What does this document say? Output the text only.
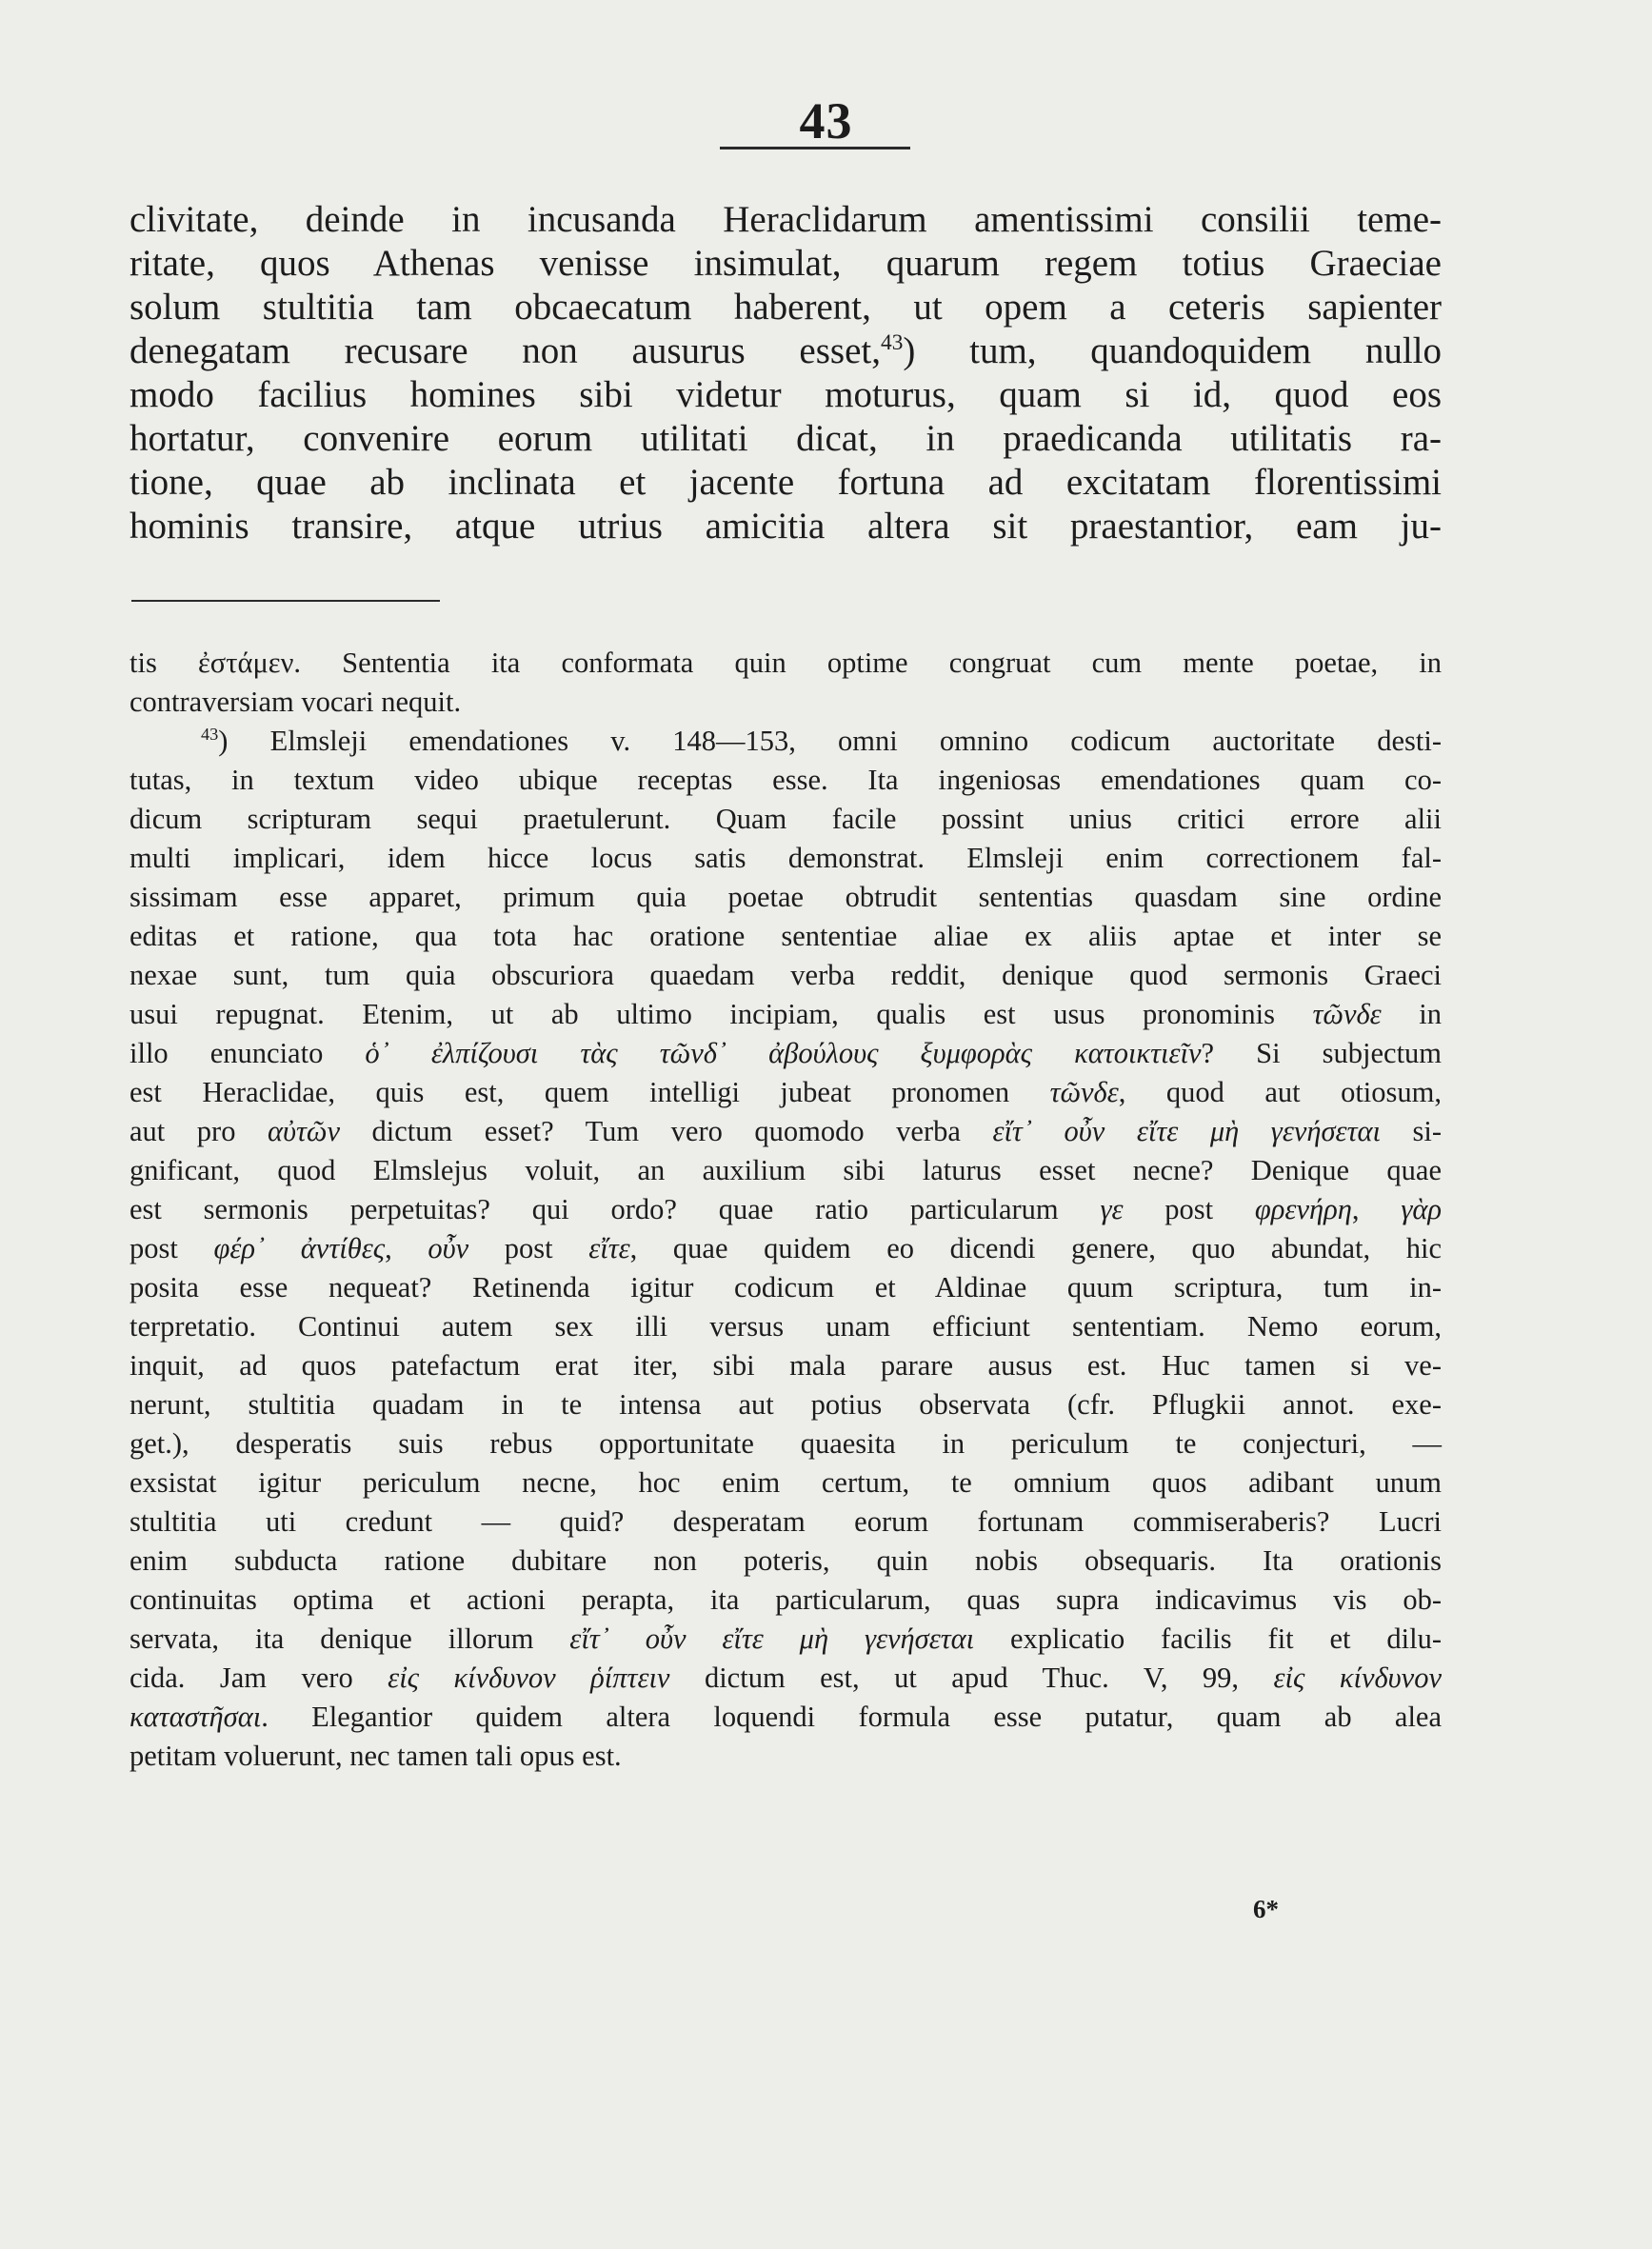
43
clivitate, deinde in incusanda Heraclidarum amentissimi consilii teme-
ritate, quos Athenas venisse insimulat, quarum regem totius Graeciae
solum stultitia tam obcaecatum haberent, ut opem a ceteris sapienter
denegatam recusare non ausurus esset,$^{43}$) tum, quandoquidem nullo
modo facilius homines sibi videtur moturus, quam si id, quod eos
hortatur, convenire eorum utilitati dicat, in praedicanda utilitatis ra-
tione, quae ab inclinata et jacente fortuna ad excitatam florentissimi
hominis transire, atque utrius amicitia altera sit praestantior, eam ju-
tis ἐστάμεν. Sententia ita conformata quin optime congruat cum mente poetae, in
contraversiam vocari nequit.
$^{43}$) Elmsleji emendationes v. 148—153, omni omnino codicum auctoritate desti-
tutas, in textum video ubique receptas esse. Ita ingeniosas emendationes quam co-
dicum scripturam sequi praetulerunt. Quam facile possint unius critici errore alii
multi implicari, idem hicce locus satis demonstrat. Elmsleji enim correctionem fal-
sissimam esse apparet, primum quia poetae obtrudit sententias quasdam sine ordine
editas et ratione, qua tota hac oratione sententiae aliae ex aliis aptae et inter se
nexae sunt, tum quia obscuriora quaedam verba reddit, denique quod sermonis Graeci
usui repugnat. Etenim, ut ab ultimo incipiam, qualis est usus pronominis τῶνδε in
illo enunciato ὁ᾽ ἐλπίζουσι τὰς τῶνδ᾽ ἀβούλους ξυμφορὰς κατοικτιεῖν? Si subjectum
est Heraclidae, quis est, quem intelligi jubeat pronomen τῶνδε, quod aut otiosum,
aut pro αὐτῶν dictum esset? Tum vero quomodo verba εἴτ᾽ οὖν εἴτε μὴ γενήσεται si-
gnificant, quod Elmslejus voluit, an auxilium sibi laturus esset necne? Denique quae
est sermonis perpetuitas? qui ordo? quae ratio particularum γε post φρενήρη, γὰρ
post φέρ᾽ ἀντίθες, οὖν post εἴτε, quae quidem eo dicendi genere, quo abundat, hic
posita esse nequeat? Retinenda igitur codicum et Aldinae quum scriptura, tum in-
terpretatio. Continui autem sex illi versus unam efficiunt sententiam. Nemo eorum,
inquit, ad quos patefactum erat iter, sibi mala parare ausus est. Huc tamen si ve-
nerunt, stultitia quadam in te intensa aut potius observata (cfr. Pflugkii annot. exe-
get.), desperatis suis rebus opportunitate quaesita in periculum te conjecturi, —
exsistat igitur periculum necne, hoc enim certum, te omnium quos adibant unum
stultitia uti credunt — quid? desperatam eorum fortunam commiseraberis? Lucri
enim subducta ratione dubitare non poteris, quin nobis obsequaris. Ita orationis
continuitas optima et actioni perapta, ita particularum, quas supra indicavimus vis ob-
servata, ita denique illorum εἴτ᾽ οὖν εἴτε μὴ γενήσεται explicatio facilis fit et dilu-
cida. Jam vero εἰς κίνδυνον ῥίπτειν dictum est, ut apud Thuc. V, 99, εἰς κίνδυνον
καταστῆσαι. Elegantior quidem altera loquendi formula esse putatur, quam ab alea
petitam voluerunt, nec tamen tali opus est.
6*
